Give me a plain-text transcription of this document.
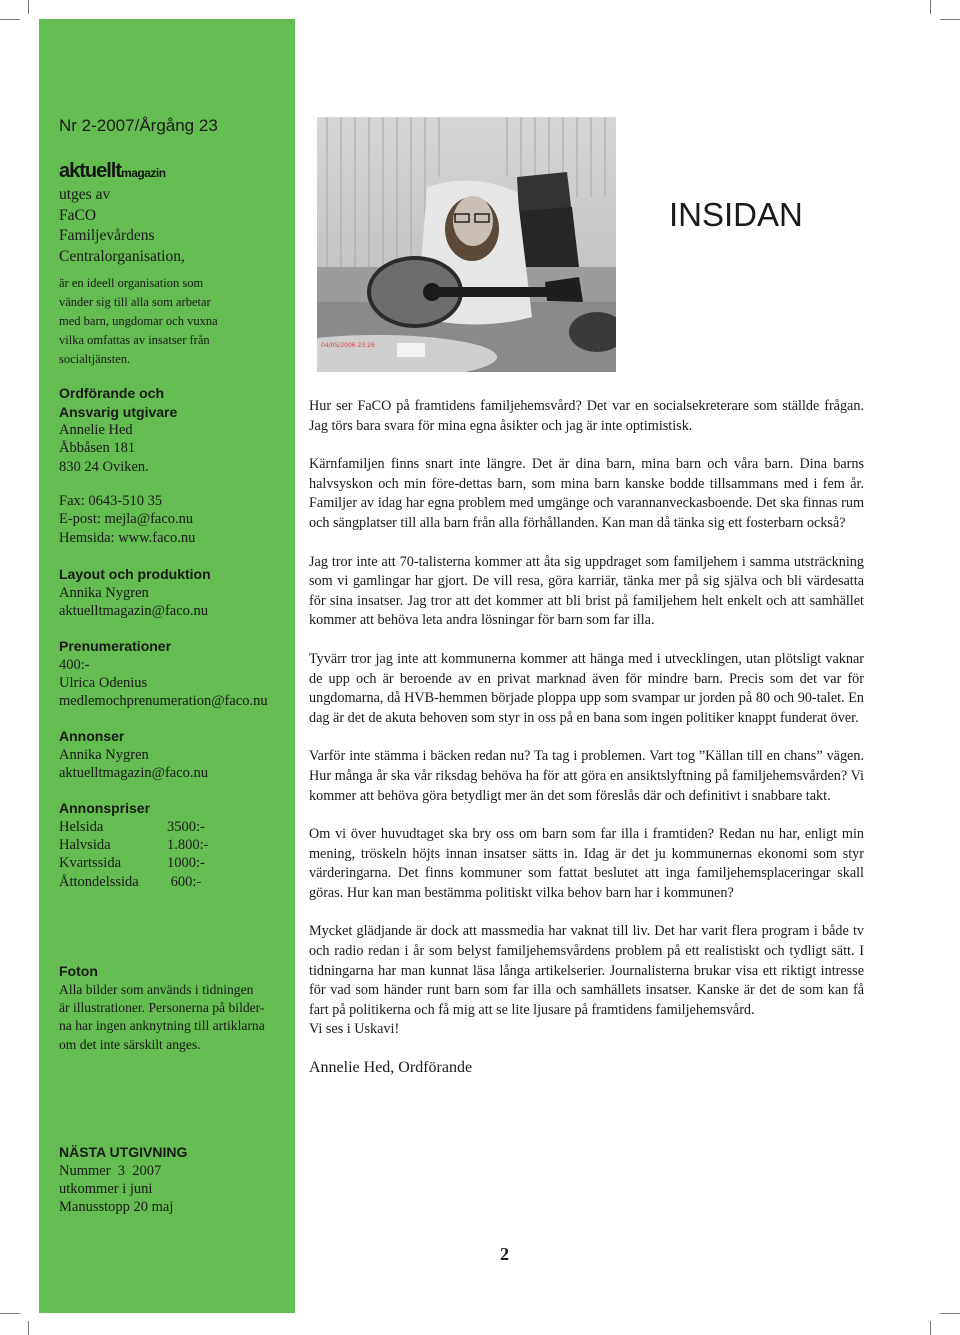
Nr 2-2007/Årgång 23
aktuelltmagazin
utges av
FaCO
Familjevårdens
Centralorganisation,
är en ideell organisation som
vänder sig till alla som arbetar
med barn, ungdomar och vuxna
vilka omfattas av insatser från
socialtjänsten.
Ordförande och
Ansvarig utgivare
Annelie Hed
Åbbåsen 181
830 24 Oviken.
Fax: 0643-510 35
E-post: mejla@faco.nu
Hemsida: www.faco.nu
Layout och produktion
Annika Nygren
aktuelltmagazin@faco.nu
Prenumerationer
400:-
Ulrica Odenius
medlemochprenumeration@faco.nu
Annonser
Annika Nygren
aktuelltmagazin@faco.nu
Annonspriser
Helsida	3500:-
Halvsida	1.800:-
Kvartssida	1000:-
Åttondelssida	600:-
Foton
Alla bilder som används i tidningen
är illustrationer. Personerna på bilder-
na har ingen anknytning till artiklarna
om det inte särskilt anges.
NÄSTA UTGIVNING
Nummer  3  2007
utkommer i juni
Manusstopp 20 maj
04/05/2006 23:26
INSIDAN

Hur ser FaCO på framtidens familjehemsvård? Det var en socialsekreterare som ställde frågan. Jag törs bara svara för mina egna åsikter och jag är inte optimistisk.

Kärnfamiljen finns snart inte längre. Det är dina barn, mina barn och våra barn. Dina barns halvsyskon och min före-dettas barn, som mina barn kanske bodde tillsammans med i fem år. Familjer av idag har egna problem med umgänge och varannanveckasboende. Det ska finnas rum och sängplatser till alla barn från alla förhållanden. Kan man då tänka sig ett fosterbarn också?

Jag tror inte att 70-talisterna kommer att åta sig uppdraget som familjehem i samma utsträckning som vi gamlingar har gjort. De vill resa, göra karriär, tänka mer på sig själva och bli värdesatta för sina insatser. Jag tror att det kommer att bli brist på familjehem helt enkelt och att samhället kommer att behöva leta andra lösningar för barn som far illa.

Tyvärr tror jag inte att kommunerna kommer att hänga med i utvecklingen, utan plötsligt vaknar de upp och är beroende av en privat marknad även för mindre barn. Precis som det var för ungdomarna, då HVB-hemmen började ploppa upp som svampar ur jorden på 80 och 90-talet. En dag är det de akuta behoven som styr in oss på en bana som ingen politiker knappt funderat över.

Varför inte stämma i bäcken redan nu? Ta tag i problemen. Vart tog ”Källan till en chans” vägen. Hur många år ska vår riksdag behöva ha för att göra en ansiktslyftning på familjehemsvården? Vi kommer att behöva göra betydligt mer än det som föreslås där och definitivt i snabbare takt.

Om vi över huvudtaget ska bry oss om barn som far illa i framtiden? Redan nu har, enligt min mening, tröskeln höjts innan insatser sätts in. Idag är det ju kommunernas ekonomi som styr värderingarna. Det finns kommuner som fattat beslutet att inga familjehemsplaceringar skall göras. Hur kan man bestämma politiskt vilka behov barn har i kommunen?

Mycket glädjande är dock att massmedia har vaknat till liv. Det har varit flera program i både tv och radio redan i år som belyst familjehemsvårdens problem på ett realistiskt och tydligt sätt. I tidningarna har man kunnat läsa långa artikelserier. Journalisterna brukar visa ett riktigt intresse för vad som händer runt barn som far illa och samhällets insatser. Kanske är det de som kan få fart på politikerna och få mig att se lite ljusare på framtidens familjehemsvård.
Vi ses i Uskavi!
Annelie Hed, Ordförande
2
